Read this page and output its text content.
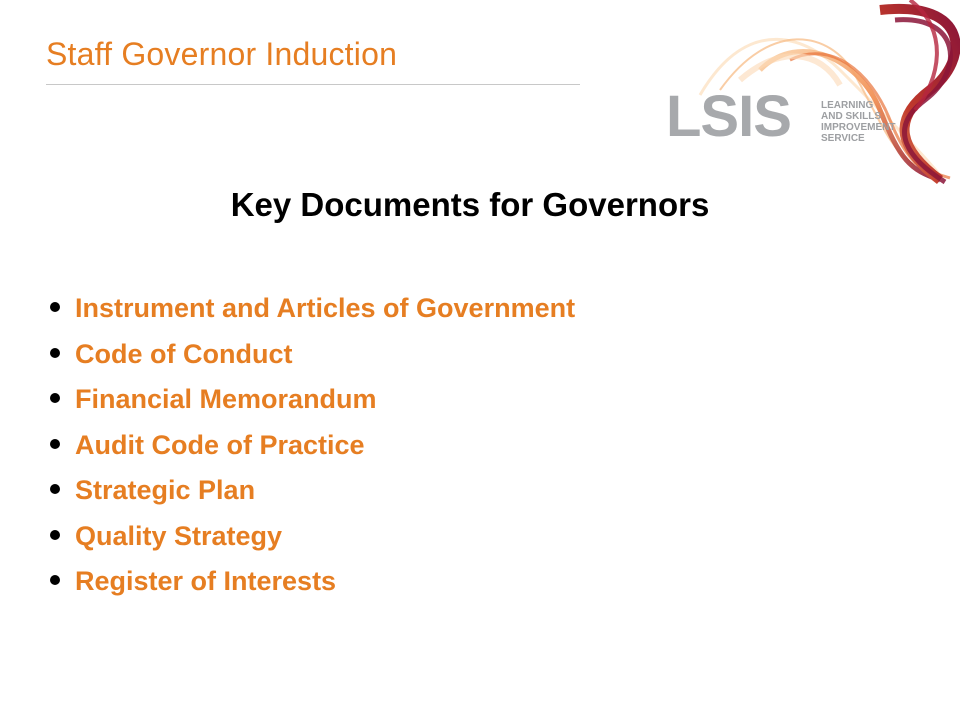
Staff Governor Induction
LSIS	LEARNING
AND SKILLS
IMPROVEMENT
SERVICE
Key Documents for Governors
Instrument and Articles of Government
Code of Conduct
Financial Memorandum
Audit Code of Practice
Strategic Plan
Quality Strategy
Register of Interests
